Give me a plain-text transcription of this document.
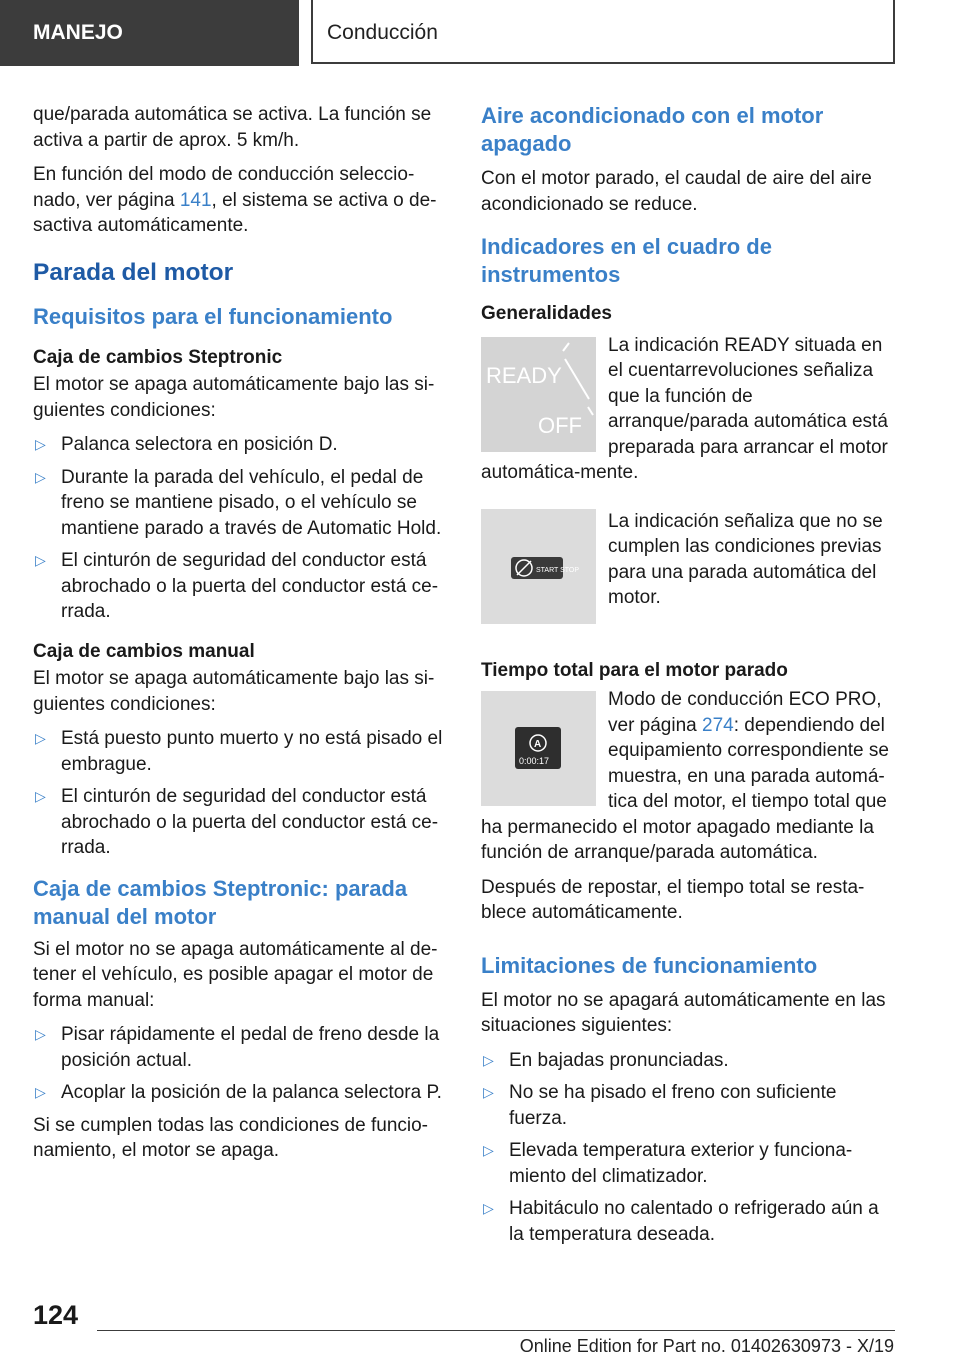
MANEJO	Conducción

que/parada automática se activa. La función se activa a partir de aprox. 5 km/h.

En función del modo de conducción seleccio‐nado, ver página 141, el sistema se activa o de‐sactiva automáticamente.

Parada del motor
Requisitos para el funcionamiento
Caja de cambios Steptronic

El motor se apaga automáticamente bajo las si‐guientes condiciones:

▷ Palanca selectora en posición D.
▷ Durante la parada del vehículo, el pedal de freno se mantiene pisado, o el vehículo se mantiene parado a través de Automatic Hold.
▷ El cinturón de seguridad del conductor está abrochado o la puerta del conductor está ce‐rrada.
Caja de cambios manual

El motor se apaga automáticamente bajo las si‐guientes condiciones:

▷ Está puesto punto muerto y no está pisado el embrague.
▷ El cinturón de seguridad del conductor está abrochado o la puerta del conductor está ce‐rrada.
Caja de cambios Steptronic: parada manual del motor

Si el motor no se apaga automáticamente al de‐tener el vehículo, es posible apagar el motor de forma manual:

▷ Pisar rápidamente el pedal de freno desde la posición actual.
▷ Acoplar la posición de la palanca selectora P.

Si se cumplen todas las condiciones de funcio‐namiento, el motor se apaga.

Aire acondicionado con el motor apagado

Con el motor parado, el caudal de aire del aire acondicionado se reduce.

Indicadores en el cuadro de instrumentos
Generalidades
READY
OFF

La indicación READY situada en el cuentarrevoluciones señaliza que la función de arranque/parada automática está preparada para arrancar el motor automática‐mente.

START STOP

La indicación señaliza que no se cumplen las condiciones previas para una parada automática del motor.

Tiempo total para el motor parado
A
0:00:17

Modo de conducción ECO PRO, ver página 274: dependiendo del equipamiento correspondiente se muestra, en una parada automá‐tica del motor, el tiempo total que ha permanecido el motor apagado mediante la función de arranque/parada automática.

Después de repostar, el tiempo total se resta‐blece automáticamente.

Limitaciones de funcionamiento

El motor no se apagará automáticamente en las situaciones siguientes:

▷ En bajadas pronunciadas.
▷ No se ha pisado el freno con suficiente fuerza.
▷ Elevada temperatura exterior y funciona‐miento del climatizador.
▷ Habitáculo no calentado o refrigerado aún a la temperatura deseada.
124
Online Edition for Part no. 01402630973 - X/19
